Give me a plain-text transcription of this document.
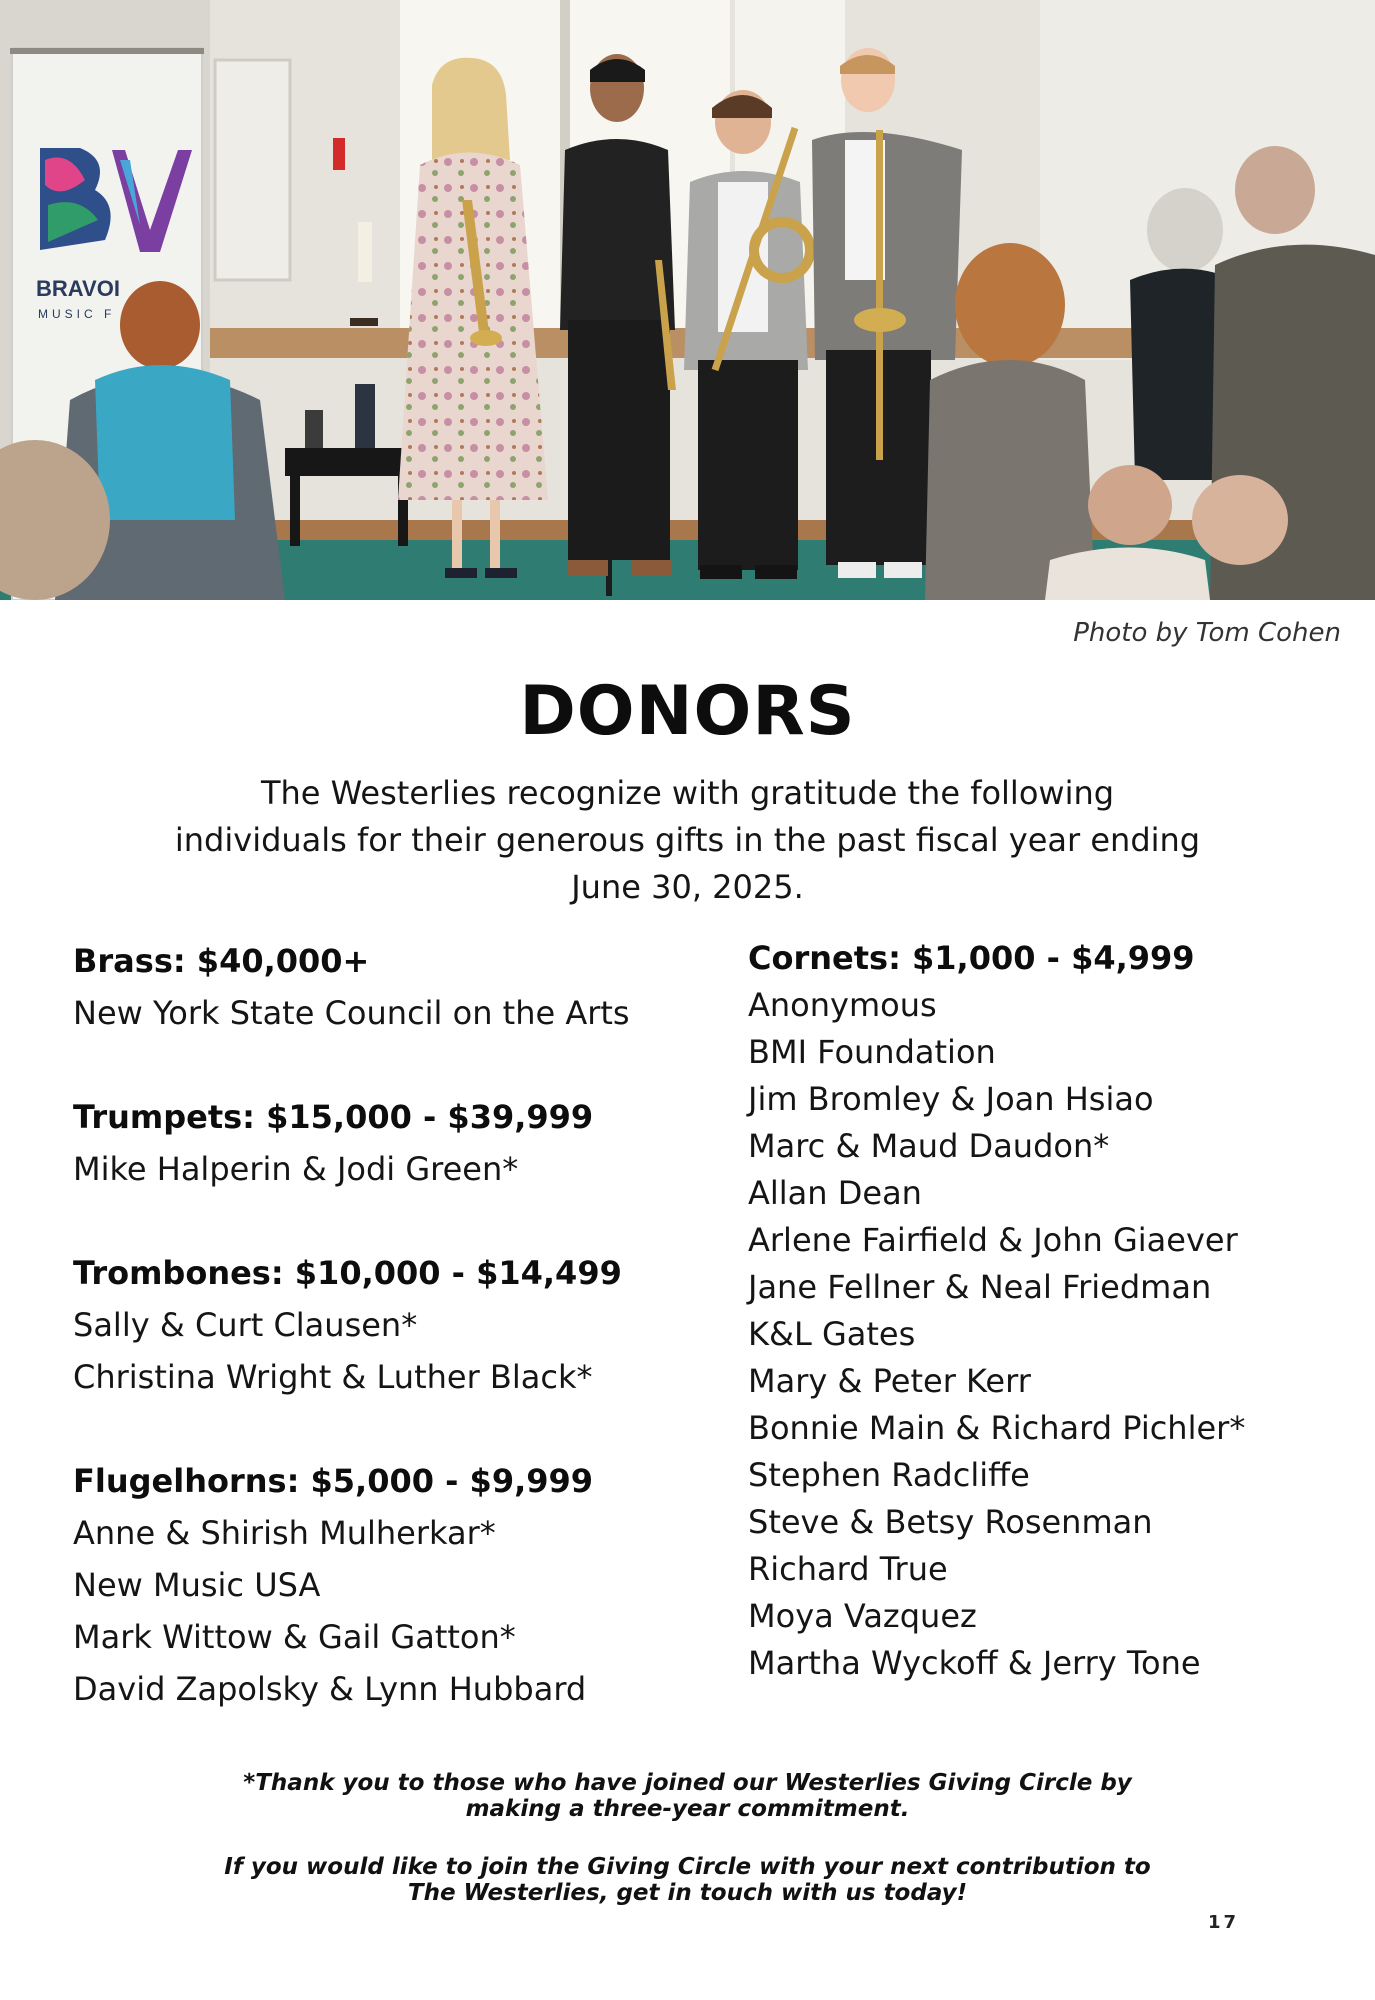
BRAVOI
MUSIC F
Photo by Tom Cohen
DONORS
The Westerlies recognize with gratitude the following
individuals for their generous gifts in the past fiscal year ending
June 30, 2025.
Brass: $40,000+
New York State Council on the Arts
Trumpets: $15,000 - $39,999
Mike Halperin & Jodi Green*
Trombones: $10,000 - $14,499
Sally & Curt Clausen*
Christina Wright & Luther Black*
Flugelhorns: $5,000 - $9,999
Anne & Shirish Mulherkar*
New Music USA
Mark Wittow & Gail Gatton*
David Zapolsky & Lynn Hubbard
Cornets: $1,000 - $4,999
Anonymous
BMI Foundation
Jim Bromley & Joan Hsiao
Marc & Maud Daudon*
Allan Dean
Arlene Fairfield & John Giaever
Jane Fellner & Neal Friedman
K&L Gates
Mary & Peter Kerr
Bonnie Main & Richard Pichler*
Stephen Radcliffe
Steve & Betsy Rosenman
Richard True
Moya Vazquez
Martha Wyckoff & Jerry Tone
*Thank you to those who have joined our Westerlies Giving Circle by
making a three-year commitment.
If you would like to join the Giving Circle with your next contribution to
The Westerlies, get in touch with us today!
17
